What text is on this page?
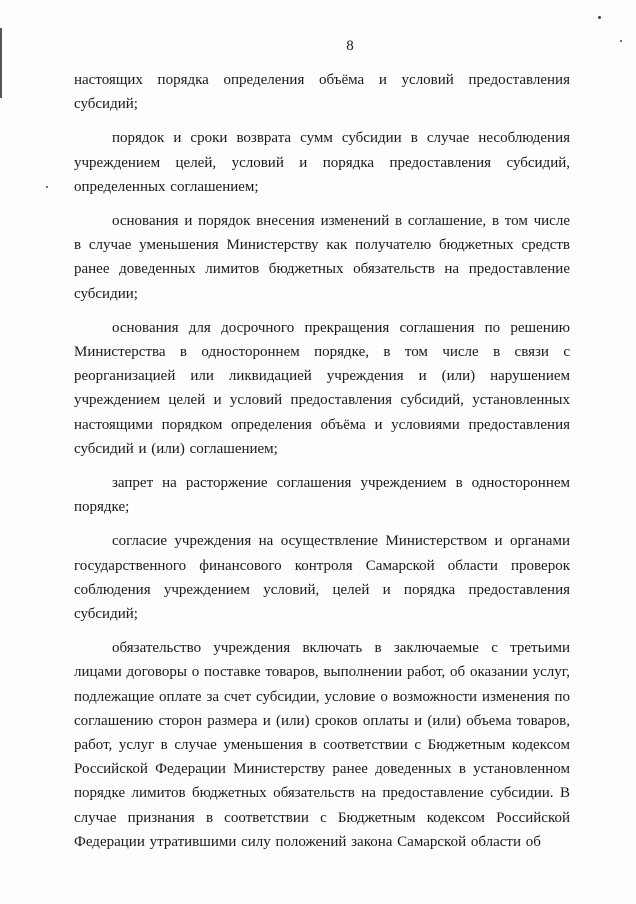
8

настоящих порядка определения объёма и условий предоставления субсидий;

порядок и сроки возврата сумм субсидии в случае несоблюдения учреждением целей, условий и порядка предоставления субсидий, определенных соглашением;

основания и порядок внесения изменений в соглашение, в том числе в случае уменьшения Министерству как получателю бюджетных средств ранее доведенных лимитов бюджетных обязательств на предоставление субсидии;

основания для досрочного прекращения соглашения по решению Министерства в одностороннем порядке, в том числе в связи с реорганизацией или ликвидацией учреждения и (или) нарушением учреждением целей и условий предоставления субсидий, установленных настоящими порядком определения объёма и условиями предоставления субсидий и (или) соглашением;

запрет на расторжение соглашения учреждением в одностороннем порядке;

согласие учреждения на осуществление Министерством и органами государственного финансового контроля Самарской области проверок соблюдения учреждением условий, целей и порядка предоставления субсидий;

обязательство учреждения включать в заключаемые с третьими лицами договоры о поставке товаров, выполнении работ, об оказании услуг, подлежащие оплате за счет субсидии, условие о возможности изменения по соглашению сторон размера и (или) сроков оплаты и (или) объема товаров, работ, услуг в случае уменьшения в соответствии с Бюджетным кодексом Российской Федерации Министерству ранее доведенных в установленном порядке лимитов бюджетных обязательств на предоставление субсидии. В случае признания в соответствии с Бюджетным кодексом Российской Федерации утратившими силу положений закона Самарской области об
